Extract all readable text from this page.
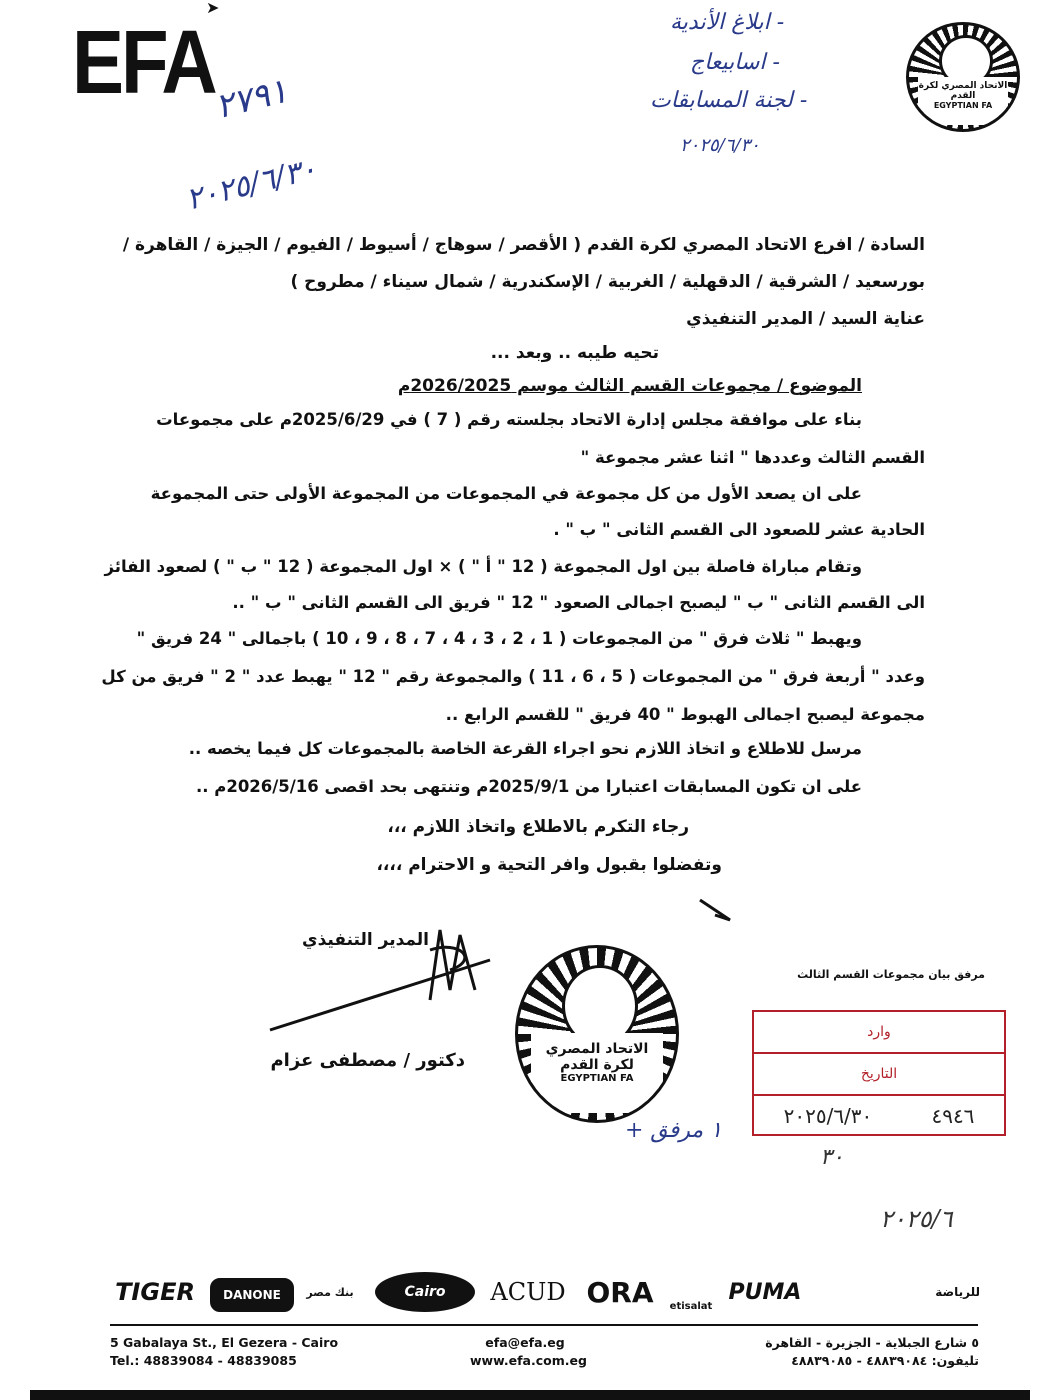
EFA
➤
الاتحاد المصري لكرة القدم
EGYPTIAN FA
٢٧٩١
٢٠٢٥/٦/٣٠
- ابلاغ الأندية
- اسابيعاج
- لجنة المسابقات
٢٠٢٥/٦/٣٠
السادة / افرع الاتحاد المصري لكرة القدم ( الأقصر / سوهاج / أسيوط / الفيوم / الجيزة / القاهرة /
بورسعيد / الشرقية / الدقهلية / الغربية / الإسكندرية / شمال سيناء / مطروح )
عناية السيد / المدير التنفيذي
تحيه طيبه .. وبعد ...
الموضوع / مجموعات القسم الثالث موسم 2026/2025م
بناء على موافقة مجلس إدارة الاتحاد بجلسته رقم ( 7 ) في 2025/6/29م على مجموعات
القسم الثالث وعددها " اثنا عشر مجموعة "
على ان يصعد الأول من كل مجموعة في المجموعات من المجموعة الأولى حتى المجموعة
الحادية عشر للصعود الى القسم الثانى " ب " .
وتقام مباراة فاصلة بين اول المجموعة ( 12 " أ " ) × اول المجموعة ( 12 " ب " ) لصعود الفائز
الى القسم الثانى " ب " ليصبح اجمالى الصعود " 12 " فريق الى القسم الثانى " ب " ..
ويهبط " ثلاث فرق " من المجموعات ( 1 ، 2 ، 3 ، 4 ، 7 ، 8 ، 9 ، 10 ) باجمالى " 24 فريق "
وعدد " أربعة فرق " من المجموعات ( 5 ، 6 ، 11 ) والمجموعة رقم " 12 " يهبط عدد " 2 " فريق من كل
مجموعة ليصبح اجمالى الهبوط " 40 فريق " للقسم الرابع ..
مرسل للاطلاع و اتخاذ اللازم نحو اجراء القرعة الخاصة بالمجموعات كل فيما يخصه ..
على ان تكون المسابقات اعتبارا من 2025/9/1م وتنتهى بحد اقصى 2026/5/16م ..
رجاء التكرم بالاطلاع واتخاذ اللازم ،،،
وتفضلوا بقبول وافر التحية و الاحترام ،،،،
المدير التنفيذي
دكتور / مصطفى عزام
الاتحاد المصري لكرة القدم
EGYPTIAN FA
مرفق بيان مجموعات القسم الثالث
وارد
التاريخ
٤٩٤٦
٢٠٢٥/٦/٣٠
١ مرفق +
٣٠
٢٠٢٥/٦
TIGER	DANONE	بنك مصر	Cairo	ACUD ORA	etisalat
PUMA	للرياضة
5 Gabalaya St., El Gezera - Cairo
Tel.: 48839084 - 48839085
efa@efa.eg
www.efa.com.eg
٥ شارع الجبلاية - الجزيرة - القاهرة
تليفون: ٤٨٨٣٩٠٨٤ - ٤٨٨٣٩٠٨٥
